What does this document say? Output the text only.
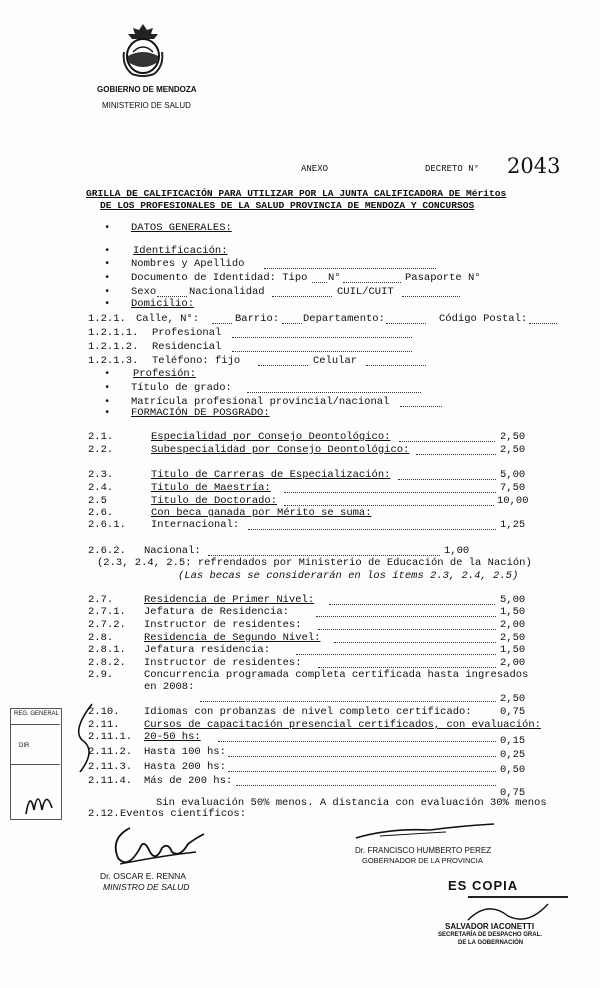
GOBIERNO DE MENDOZA
MINISTERIO DE SALUD
ANEXO	DECRETO N° 2043
GRILLA DE CALIFICACIÓN PARA UTILIZAR POR LA JUNTA CALIFICADORA DE Méritos
DE LOS PROFESIONALES DE LA SALUD PROVINCIA DE MENDOZA Y CONCURSOS
• DATOS GENERALES:
• Identificación:
• Nombres y Apellido
• Documento de Identidad: Tipo N°	Pasaporte N°
• Sexo	Nacionalidad	CUIL/CUIT
• Domicilio:
1.2.1. Calle, N°:	Barrio: Departamento:	Código Postal:
1.2.1.1. Profesional
1.2.1.2. Residencial
1.2.1.3. Teléfono: fijo	Celular
• Profesión:
• Título de grado:
• Matrícula profesional provincial/nacional
• FORMACIÓN DE POSGRADO:
2.1.	Especialidad por Consejo Deontológico:	2,50
2.2.	Subespecialidad por Consejo Deontológico:	2,50
2.3.	Titulo de Carreras de Especialización:	5,00
2.4.	Titulo de Maestría:	7,50
2.5	Titulo de Doctorado:	10,00
2.6.	Con beca ganada por Mérito se suma:
2.6.1. Internacional:	1,25
2.6.2. Nacional:	1,00
(2.3, 2.4, 2.5: refrendados por Ministerio de Educación de la Nación)
(Las becas se considerarán en los ítems 2.3, 2.4, 2.5)
2.7.	Residencia de Primer Nivel:	5,00
2.7.1. Jefatura de Residencia:	1,50
2.7.2. Instructor de residentes:	2,00
2.8.	Residencia de Segundo Nivel:	2,50
2.8.1. Jefatura residencia:	1,50
2.8.2. Instructor de residentes:	2,00
2.9.	Concurrencia programada completa certificada hasta ingresados
en 2008:
2,50
2.10. Idiomas con probanzas de nivel completo certificado:	0,75
2.11. Cursos de capacitación presencial certificados, con evaluación:
2.11.1. 20-50 hs:	0,15
2.11.2. Hasta 100 hs:	0,25
2.11.3. Hasta 200 hs:	0,50
2.11.4. Más de 200 hs:
0,75
Sin evaluación 50% menos. A distancia con evaluación 30% menos
2.12. Eventos científicos:
REG. GENERAL
DIR
Dr. OSCAR E. RENNA
MINISTRO DE SALUD
Dr. FRANCISCO HUMBERTO PEREZ
GOBERNADOR DE LA PROVINCIA
ES COPIA
SALVADOR IACONETTI
SECRETARÍA DE DESPACHO GRAL.
DE LA GOBERNACIÓN
